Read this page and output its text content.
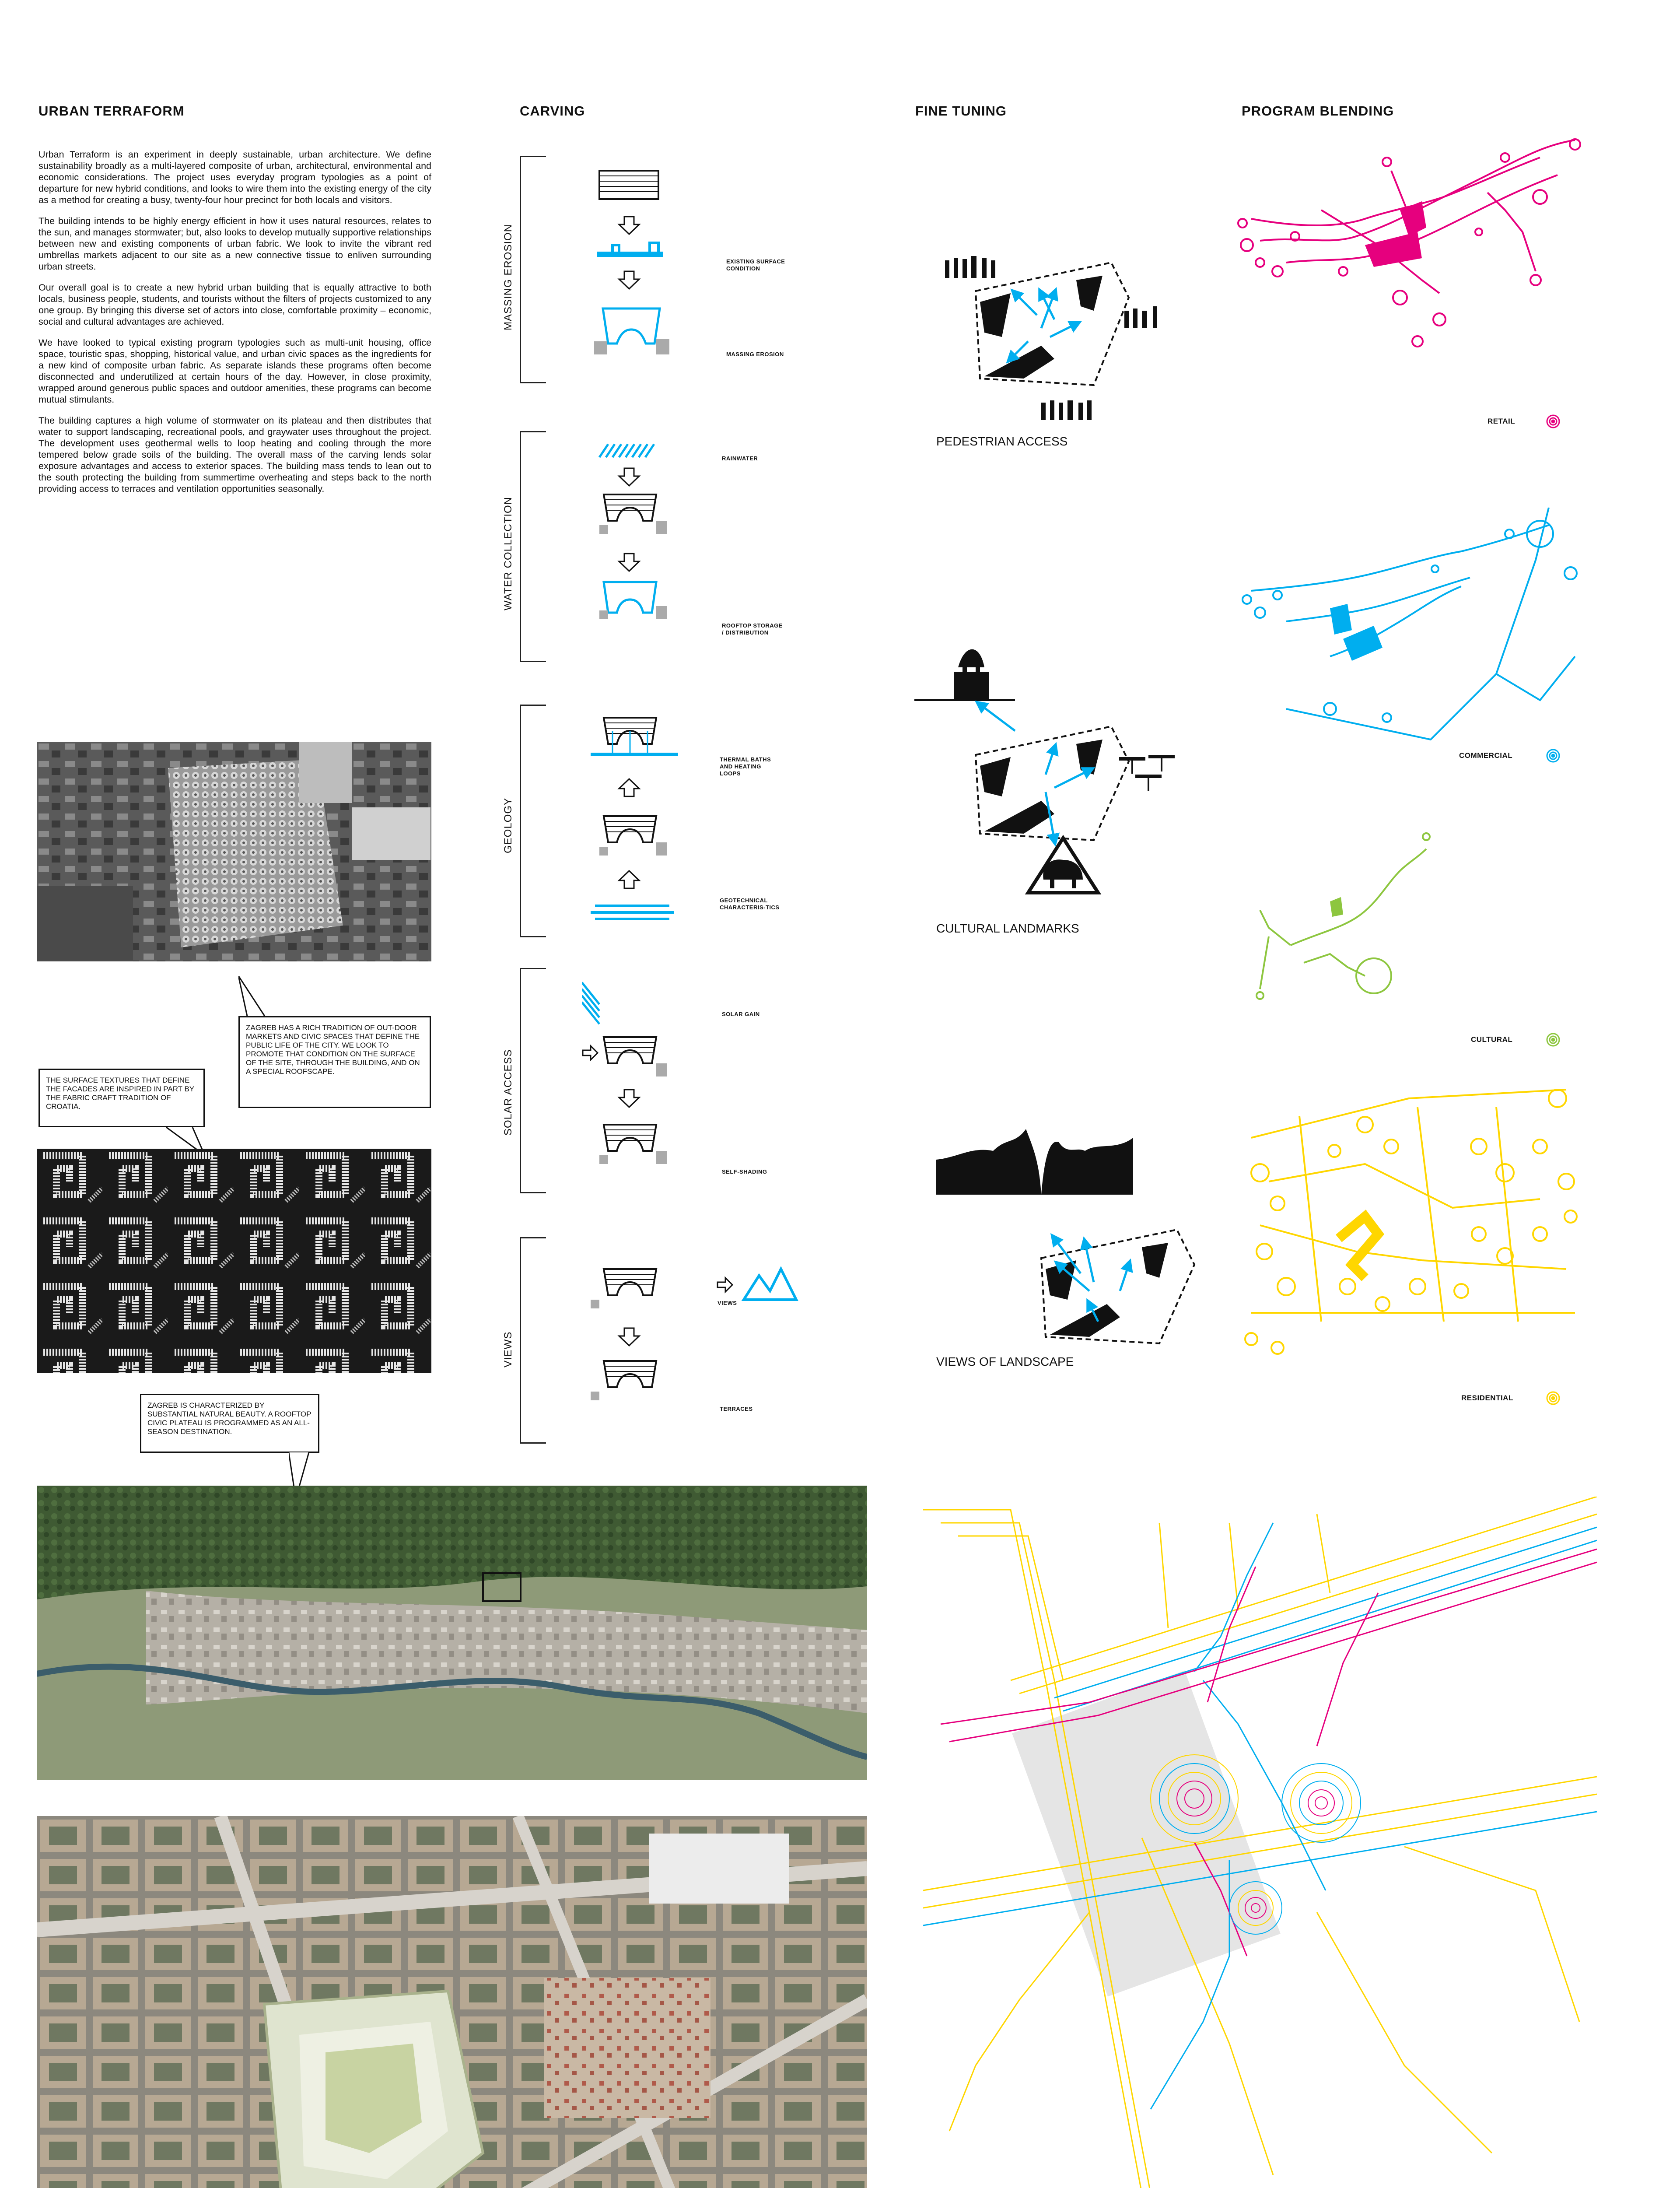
URBAN TERRAFORM	CARVING	FINE TUNING	PROGRAM BLENDING

Urban Terraform is an experiment in deeply sustainable, urban architecture. We define sustainability broadly as a multi-layered composite of urban, architectural, environmental and economic considerations. The project uses everyday program typologies as a point of departure for new hybrid conditions, and looks to wire them into the existing energy of the city as a method for creating a busy, twenty-four hour precinct for both locals and visitors.

The building intends to be highly energy efficient in how it uses natural resources, relates to the sun, and manages stormwater; but, also looks to develop mutually supportive relationships between new and existing components of urban fabric. We look to invite the vibrant red umbrellas markets adjacent to our site as a new connective tissue to enliven surrounding urban streets.

Our overall goal is to create a new hybrid urban building that is equally attractive to both locals, business people, students, and tourists without the filters of projects customized to any one group. By bringing this diverse set of actors into close, comfortable proximity – economic, social and cultural advantages are achieved.

We have looked to typical existing program typologies such as multi-unit housing, office space, touristic spas, shopping, historical value, and urban civic spaces as the ingredients for a new kind of composite urban fabric. As separate islands these programs often become disconnected and underutilized at certain hours of the day. However, in close proximity, wrapped around generous public spaces and outdoor amenities, these programs can become mutual stimulants.

The building captures a high volume of stormwater on its plateau and then distributes that water to support landscaping, recreational pools, and graywater uses throughout the project. The development uses geothermal wells to loop heating and cooling through the more tempered below grade soils of the building. The overall mass of the carving lends solar exposure advantages and access to exterior spaces. The building mass tends to lean out to the south protecting the building from summertime overheating and steps back to the north providing access to terraces and ventilation opportunities seasonally.

ZAGREB HAS A RICH TRADITION OF OUT-DOOR MARKETS AND CIVIC SPACES THAT DEFINE THE PUBLIC LIFE OF THE CITY. WE LOOK TO PROMOTE THAT CONDITION ON THE SURFACE OF THE SITE, THROUGH THE BUILDING, AND ON A SPECIAL ROOFSCAPE.
THE SURFACE TEXTURES THAT DEFINE THE FACADES ARE INSPIRED IN PART BY THE FABRIC CRAFT TRADITION OF CROATIA.
ZAGREB IS CHARACTERIZED BY SUBSTANTIAL NATURAL BEAUTY. A ROOFTOP CIVIC PLATEAU IS PROGRAMMED AS AN ALL-SEASON DESTINATION.
MASSING EROSION
WATER COLLECTION
GEOLOGY
SOLAR ACCESS
VIEWS
EXISTING SURFACE CONDITION
MASSING EROSION
RAINWATER
ROOFTOP STORAGE / DISTRIBUTION
THERMAL BATHS AND HEATING LOOPS
GEOTECHNICAL CHARACTERIS-TICS
SOLAR GAIN
SELF-SHADING
VIEWS
TERRACES
PEDESTRIAN ACCESS
CULTURAL LANDMARKS
VIEWS OF LANDSCAPE
RETAIL
COMMERCIAL
CULTURAL
RESIDENTIAL
